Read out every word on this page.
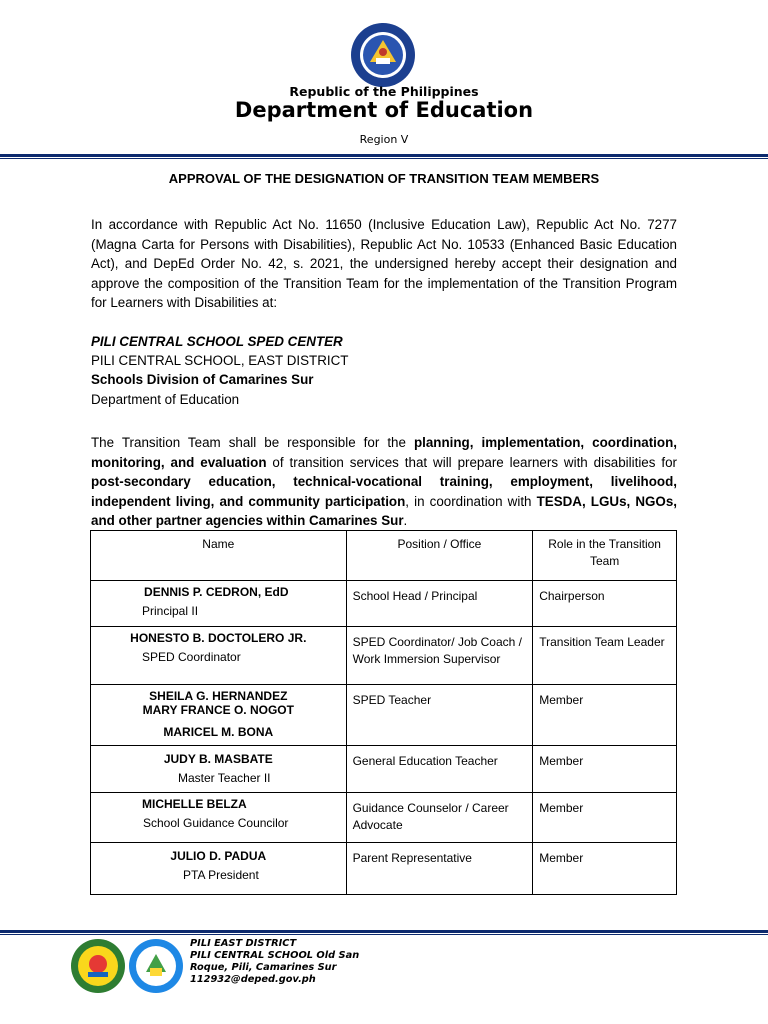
Republic of the Philippines
Department of Education
Region V
APPROVAL OF THE DESIGNATION OF TRANSITION TEAM MEMBERS
In accordance with Republic Act No. 11650 (Inclusive Education Law), Republic Act No. 7277 (Magna Carta for Persons with Disabilities), Republic Act No. 10533 (Enhanced Basic Education Act), and DepEd Order No. 42, s. 2021, the undersigned hereby accept their designation and approve the composition of the Transition Team for the implementation of the Transition Program for Learners with Disabilities at:
PILI CENTRAL SCHOOL SPED CENTER
PILI CENTRAL SCHOOL, EAST DISTRICT
Schools Division of Camarines Sur
Department of Education
The Transition Team shall be responsible for the planning, implementation, coordination, monitoring, and evaluation of transition services that will prepare learners with disabilities for post-secondary education, technical-vocational training, employment, livelihood, independent living, and community participation, in coordination with TESDA, LGUs, NGOs, and other partner agencies within Camarines Sur.
Name	Position / Office	Role in the Transition Team

DENNIS P. CEDRON, EdD
Principal II	School Head / Principal	Chairperson

HONESTO B. DOCTOLERO JR.
SPED Coordinator	SPED Coordinator/ Job Coach / Work Immersion Supervisor	Transition Team Leader

SHEILA G. HERNANDEZ
MARY FRANCE O. NOGOT
MARICEL M. BONA	SPED Teacher	Member

JUDY B. MASBATE
Master Teacher II	General Education Teacher	Member

MICHELLE BELZA
School Guidance Councilor	Guidance Counselor / Career Advocate	Member

JULIO D. PADUA
PTA President	Parent Representative	Member
PILI EAST DISTRICT
PILI CENTRAL SCHOOL Old San
Roque, Pili, Camarines Sur
112932@deped.gov.ph
